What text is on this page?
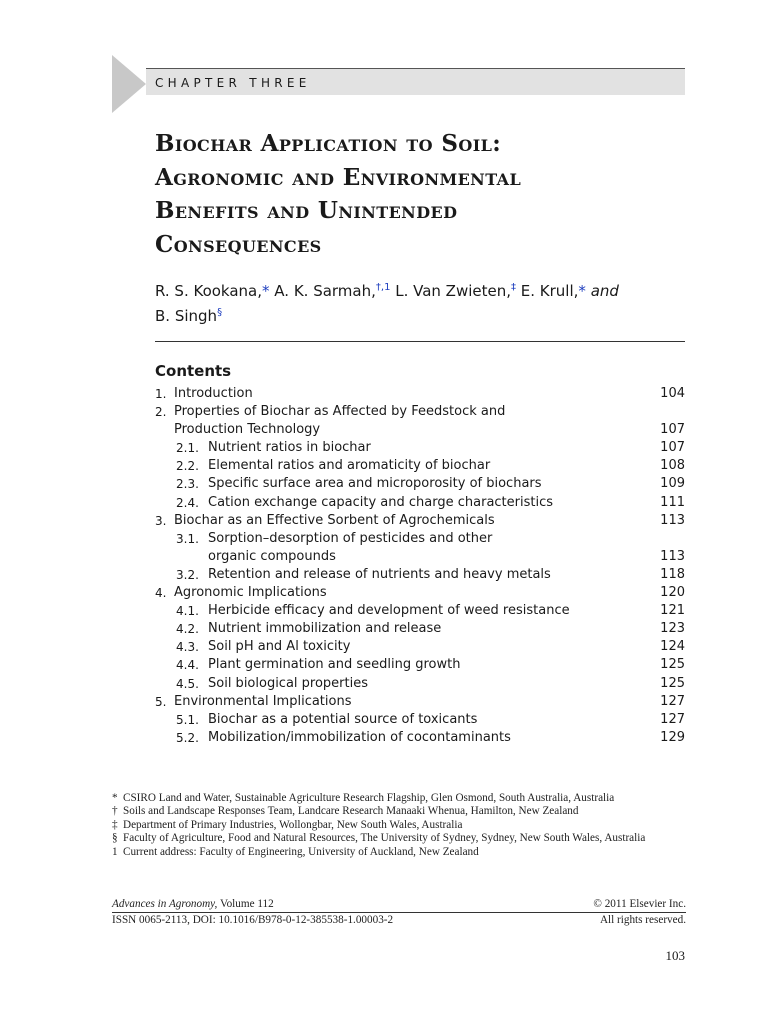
CHAPTER THREE
Biochar Application to Soil:
Agronomic and Environmental
Benefits and Unintended
Consequences
R. S. Kookana,* A. K. Sarmah,$^{\dagger,1}$ L. Van Zwieten,‡ E. Krull,* and
B. Singh§
Contents
1. Introduction	104
2. Properties of Biochar as Affected by Feedstock and
Production Technology	107
2.1. Nutrient ratios in biochar	107
2.2. Elemental ratios and aromaticity of biochar	108
2.3. Specific surface area and microporosity of biochars	109
2.4. Cation exchange capacity and charge characteristics	111
3. Biochar as an Effective Sorbent of Agrochemicals	113
3.1. Sorption–desorption of pesticides and other
organic compounds	113
3.2. Retention and release of nutrients and heavy metals	118
4. Agronomic Implications	120
4.1. Herbicide efficacy and development of weed resistance	121
4.2. Nutrient immobilization and release	123
4.3. Soil pH and Al toxicity	124
4.4. Plant germination and seedling growth	125
4.5. Soil biological properties	125
5. Environmental Implications	127
5.1. Biochar as a potential source of toxicants	127
5.2. Mobilization/immobilization of cocontaminants	129
* CSIRO Land and Water, Sustainable Agriculture Research Flagship, Glen Osmond, South Australia, Australia
† Soils and Landscape Responses Team, Landcare Research Manaaki Whenua, Hamilton, New Zealand
‡ Department of Primary Industries, Wollongbar, New South Wales, Australia
§ Faculty of Agriculture, Food and Natural Resources, The University of Sydney, Sydney, New South Wales, Australia
1 Current address: Faculty of Engineering, University of Auckland, New Zealand
Advances in Agronomy, Volume 112	© 2011 Elsevier Inc.
ISSN 0065-2113, DOI: 10.1016/B978-0-12-385538-1.00003-2	All rights reserved.
103
